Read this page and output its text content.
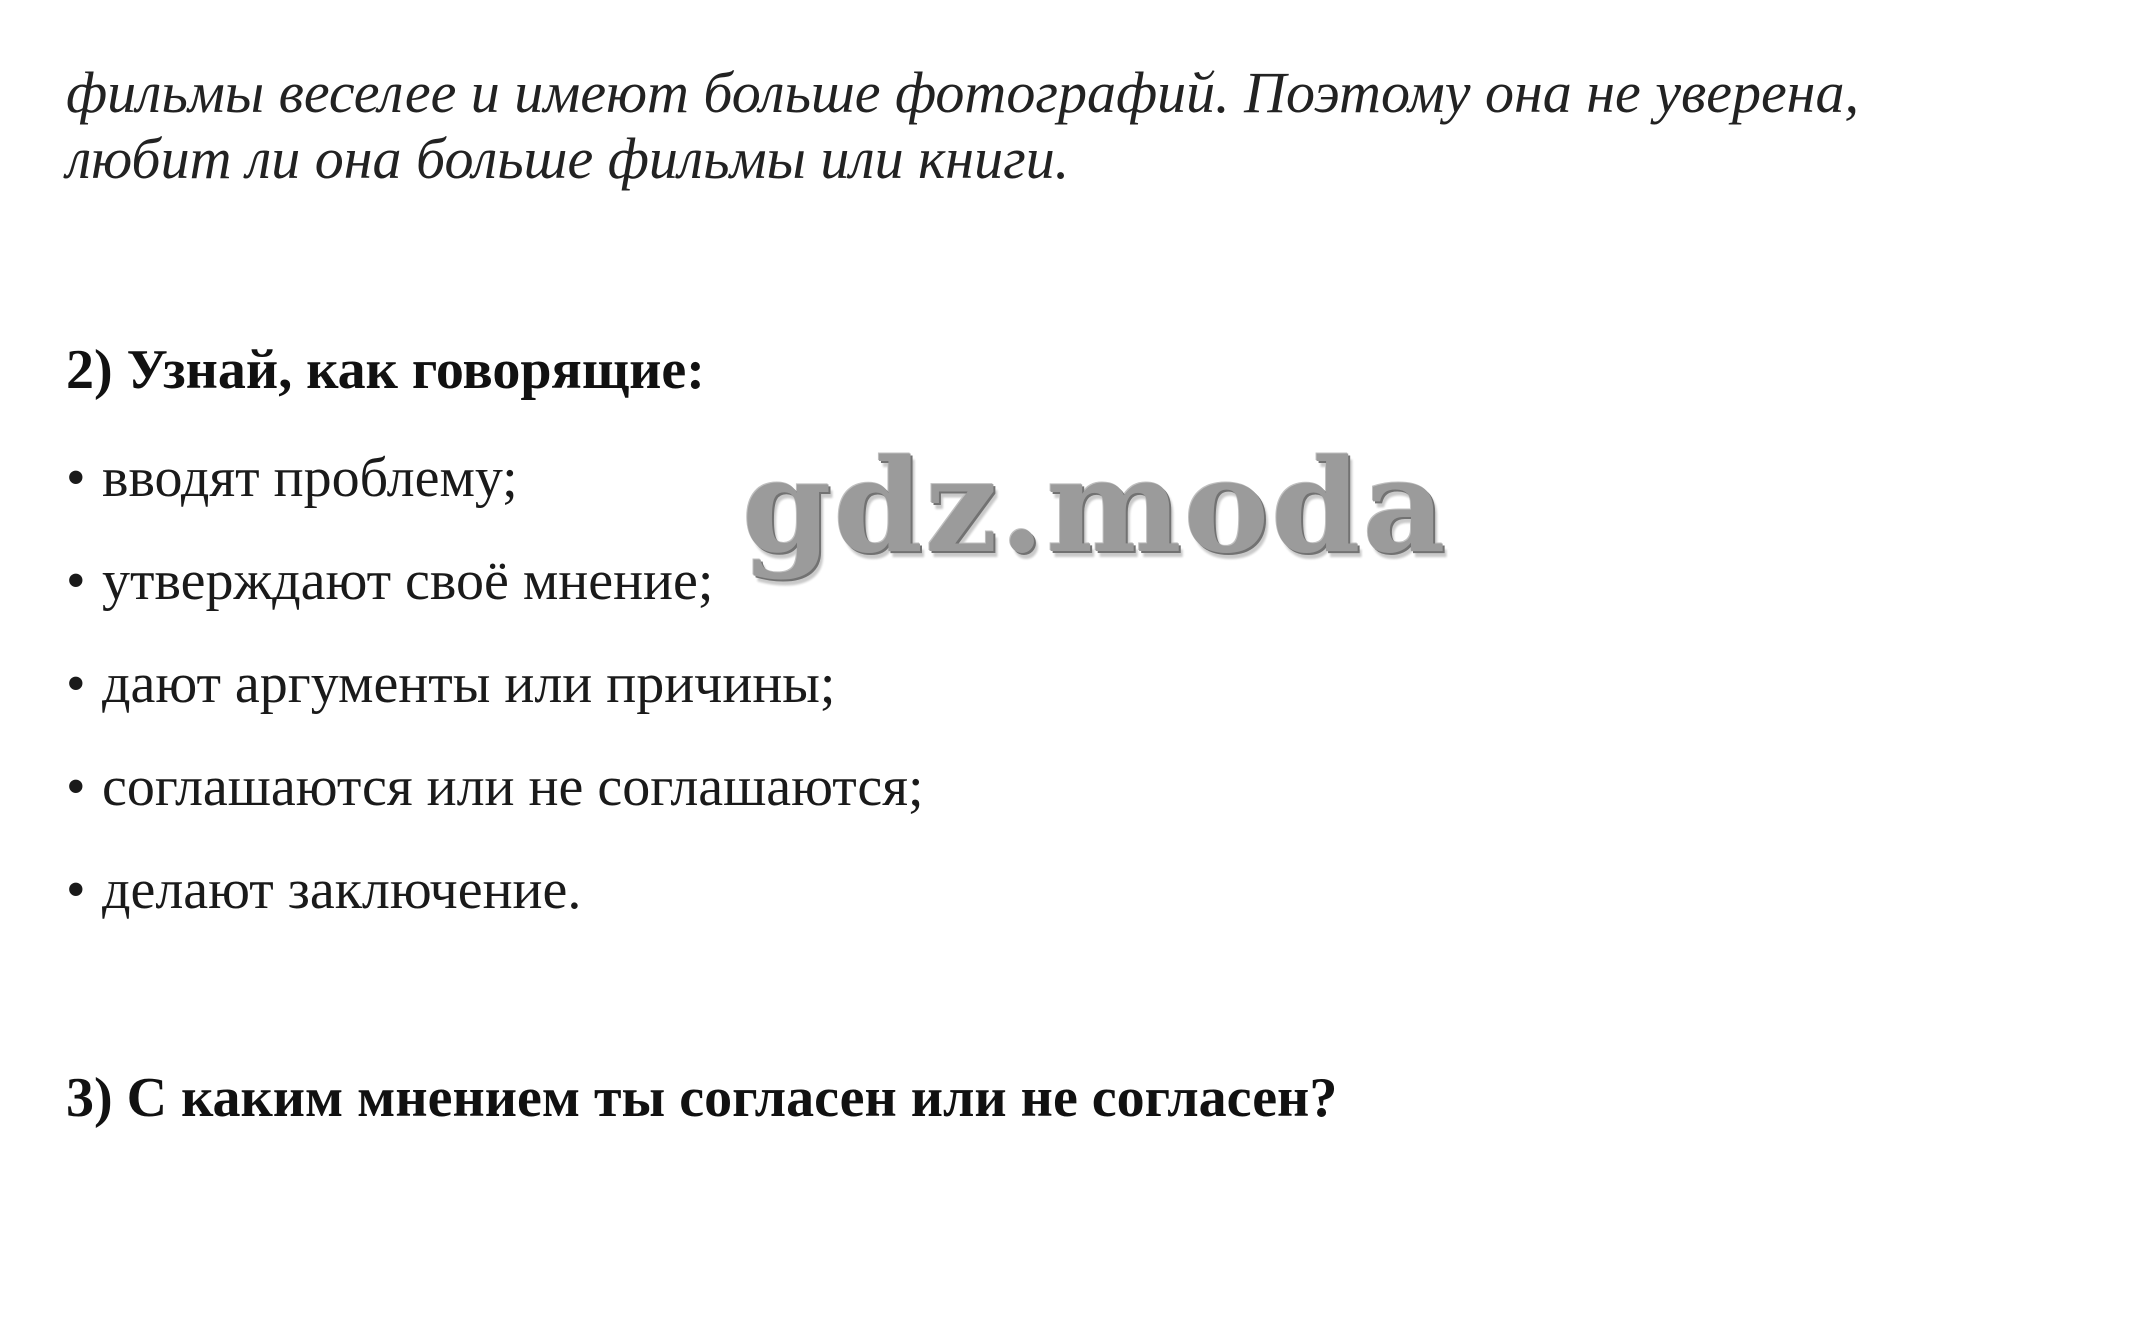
фильмы веселее и имеют больше фотографий. Поэтому она не уверена,
любит ли она больше фильмы или книги.
2) Узнай, как говорящие:
• вводят проблему;
• утверждают своё мнение;
• дают аргументы или причины;
• соглашаются или не соглашаются;
• делают заключение.
3) С каким мнением ты согласен или не согласен?
gdz.moda
